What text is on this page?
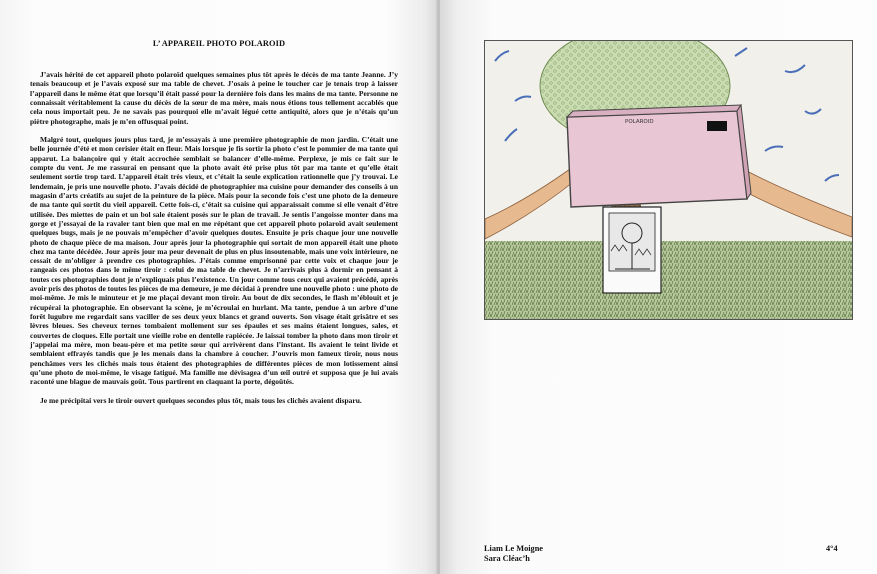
L’ APPAREIL PHOTO POLAROID

J’avais hérité de cet appareil photo polaroïd quelques semaines plus tôt après le décès de ma tante Jeanne. J’y tenais beaucoup et je l’avais exposé sur ma table de chevet. J’osais à peine le toucher car je tenais trop à laisser l’appareil dans le même état que lorsqu’il était passé pour la dernière fois dans les mains de ma tante. Personne ne connaissait véritablement la cause du décès de la sœur de ma mère, mais nous étions tous tellement accablés que cela nous importait peu. Je ne savais pas pourquoi elle m’avait légué cette antiquité, alors que je n’étais qu’un piètre photographe, mais je m’en offusquai point.

Malgré tout, quelques jours plus tard, je m’essayais à une première photographie de mon jardin. C’était une belle journée d’été et mon cerisier était en fleur. Mais lorsque je fis sortir la photo c’est le pommier de ma tante qui apparut. La balançoire qui y était accrochée semblait se balancer d’elle-même. Perplexe, je mis ce fait sur le compte du vent. Je me rassurai en pensant que la photo avait été prise plus tôt par ma tante et qu’elle était seulement sortie trop tard. L’appareil était très vieux, et c’était la seule explication rationnelle que j’y trouvai. Le lendemain, je pris une nouvelle photo. J’avais décidé de photographier ma cuisine pour demander des conseils à un magasin d’arts créatifs au sujet de la peinture de la pièce. Mais pour la seconde fois c’est une photo de la demeure de ma tante qui sortit du vieil appareil. Cette fois-ci, c’était sa cuisine qui apparaissait comme si elle venait d’être utilisée. Des miettes de pain et un bol sale étaient posés sur le plan de travail. Je sentis l’angoisse monter dans ma gorge et j’essayai de la ravaler tant bien que mal en me répétant que cet appareil photo polaroïd avait seulement quelques bugs, mais je ne pouvais m’empêcher d’avoir quelques doutes. Ensuite je pris chaque jour une nouvelle photo de chaque pièce de ma maison. Jour après jour la photographie qui sortait de mon appareil était une photo chez ma tante décédée. Jour après jour ma peur devenait de plus en plus insoutenable, mais une voix intérieure, ne cessait de m’obliger à prendre ces photographies. J’étais comme emprisonné par cette voix et chaque jour je rangeais ces photos dans le même tiroir : celui de ma table de chevet. Je n’arrivais plus à dormir en pensant à toutes ces photographies dont je n’expliquais plus l’existence. Un jour comme tous ceux qui avaient précédé, après avoir pris des photos de toutes les pièces de ma demeure, je me décidai à prendre une nouvelle photo : une photo de moi-même. Je mis le minuteur et je me plaçai devant mon tiroir. Au bout de dix secondes, le flash m’éblouit et je récupérai la photographie. En observant la scène, je m’écroulai en hurlant. Ma tante, pendue à un arbre d’une forêt lugubre me regardait sans vaciller de ses deux yeux blancs et grand ouverts. Son visage était grisâtre et ses lèvres bleues. Ses cheveux ternes tombaient mollement sur ses épaules et ses mains étaient longues, sales, et couvertes de cloques. Elle portait une vieille robe en dentelle rapiécée. Je laissai tomber la photo dans mon tiroir et j’appelai ma mère, mon beau-père et ma petite sœur qui arrivèrent dans l’instant. Ils avaient le teint livide et semblaient effrayés tandis que je les menais dans la chambre à coucher. J’ouvris mon fameux tiroir, nous nous penchâmes vers les clichés mais tous étaient des photographies de différentes pièces de mon lotissement ainsi qu’une photo de moi-même, le visage fatigué. Ma famille me dévisagea d’un œil outré et supposa que je lui avais raconté une blague de mauvais goût. Tous partirent en claquant la porte, dégoûtés.

Je me précipitai vers le tiroir ouvert quelques secondes plus tôt, mais tous les clichés avaient disparu.

POLAROID
Liam Le Moigne
Sara Cléac’h
4°4
